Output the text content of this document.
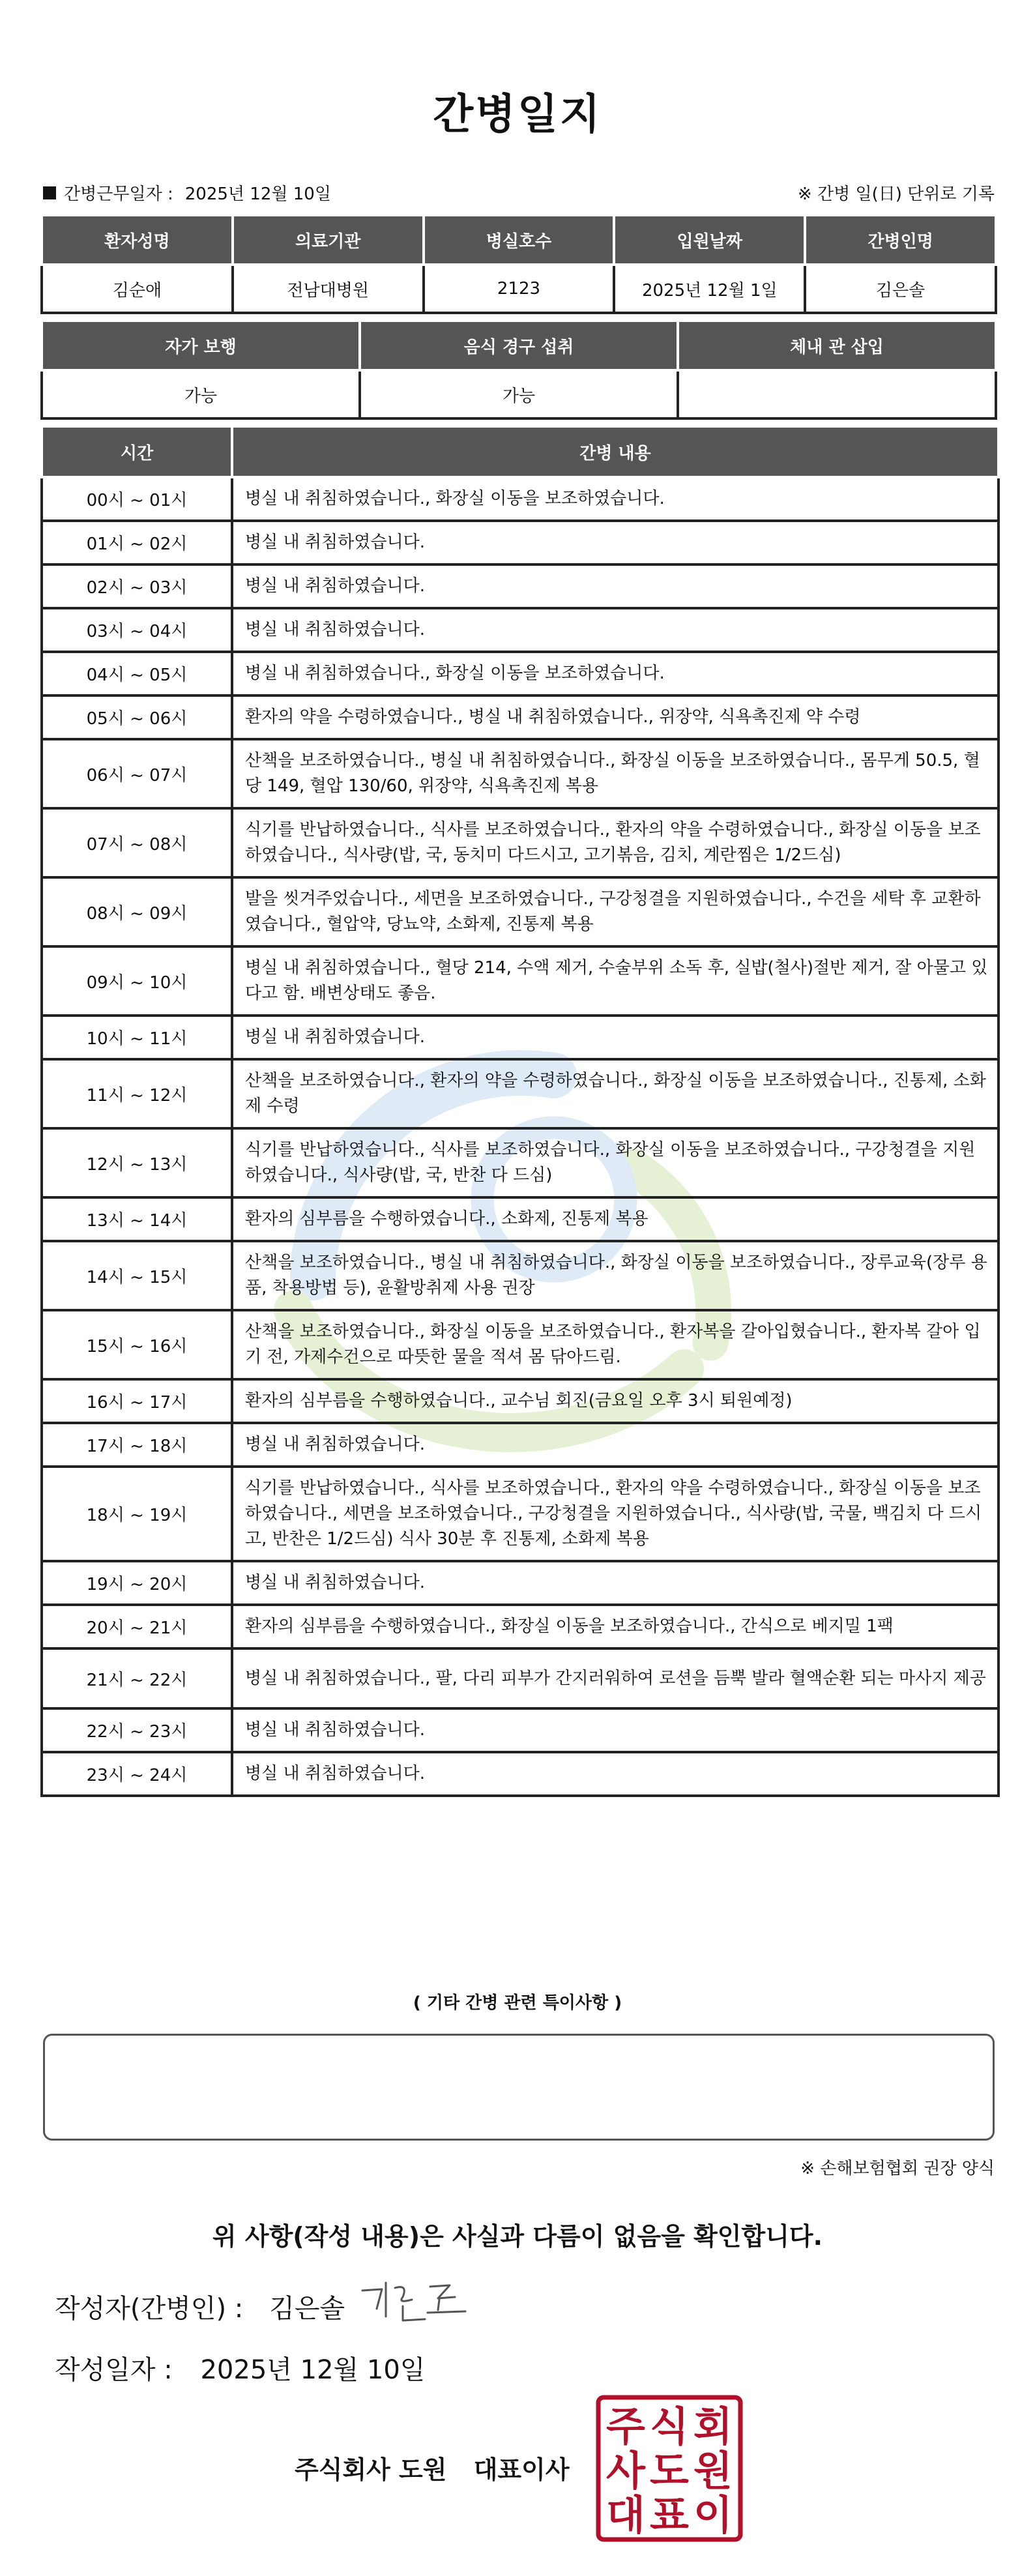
간병일지
간병근무일자 : 2025년 12월 10일	※ 간병 일(日) 단위로 기록
환자성명	의료기관	병실호수	입원날짜	간병인명
김순애	전남대병원	2123	2025년 12월 1일	김은솔
자가 보행	음식 경구 섭취	체내 관 삽입
가능	가능	
시간	간병 내용
00시 ~ 01시	병실 내 취침하였습니다., 화장실 이동을 보조하였습니다.
01시 ~ 02시	병실 내 취침하였습니다.
02시 ~ 03시	병실 내 취침하였습니다.
03시 ~ 04시	병실 내 취침하였습니다.
04시 ~ 05시	병실 내 취침하였습니다., 화장실 이동을 보조하였습니다.
05시 ~ 06시	환자의 약을 수령하였습니다., 병실 내 취침하였습니다., 위장약, 식욕촉진제 약 수령
06시 ~ 07시	산책을 보조하였습니다., 병실 내 취침하였습니다., 화장실 이동을 보조하였습니다., 몸무게 50.5, 혈당 149, 혈압 130/60, 위장약, 식욕촉진제 복용
07시 ~ 08시	식기를 반납하였습니다., 식사를 보조하였습니다., 환자의 약을 수령하였습니다., 화장실 이동을 보조하였습니다., 식사량(밥, 국, 동치미 다드시고, 고기볶음, 김치, 계란찜은 1/2드심)
08시 ~ 09시	발을 씻겨주었습니다., 세면을 보조하였습니다., 구강청결을 지원하였습니다., 수건을 세탁 후 교환하였습니다., 혈압약, 당뇨약, 소화제, 진통제 복용
09시 ~ 10시	병실 내 취침하였습니다., 혈당 214, 수액 제거, 수술부위 소독 후, 실밥(철사)절반 제거, 잘 아물고 있다고 함. 배변상태도 좋음.
10시 ~ 11시	병실 내 취침하였습니다.
11시 ~ 12시	산책을 보조하였습니다., 환자의 약을 수령하였습니다., 화장실 이동을 보조하였습니다., 진통제, 소화제 수령
12시 ~ 13시	식기를 반납하였습니다., 식사를 보조하였습니다., 화장실 이동을 보조하였습니다., 구강청결을 지원하였습니다., 식사량(밥, 국, 반찬 다 드심)
13시 ~ 14시	환자의 심부름을 수행하였습니다., 소화제, 진통제 복용
14시 ~ 15시	산책을 보조하였습니다., 병실 내 취침하였습니다., 화장실 이동을 보조하였습니다., 장루교육(장루 용품, 착용방법 등), 윤활방취제 사용 권장
15시 ~ 16시	산책을 보조하였습니다., 화장실 이동을 보조하였습니다., 환자복을 갈아입혔습니다., 환자복 갈아 입기 전, 가제수건으로 따뜻한 물을 적셔 몸 닦아드림.
16시 ~ 17시	환자의 심부름을 수행하였습니다., 교수님 회진(금요일 오후 3시 퇴원예정)
17시 ~ 18시	병실 내 취침하였습니다.
18시 ~ 19시	식기를 반납하였습니다., 식사를 보조하였습니다., 환자의 약을 수령하였습니다., 화장실 이동을 보조하였습니다., 세면을 보조하였습니다., 구강청결을 지원하였습니다., 식사량(밥, 국물, 백김치 다 드시고, 반찬은 1/2드심) 식사 30분 후 진통제, 소화제 복용
19시 ~ 20시	병실 내 취침하였습니다.
20시 ~ 21시	환자의 심부름을 수행하였습니다., 화장실 이동을 보조하였습니다., 간식으로 베지밀 1팩
21시 ~ 22시	병실 내 취침하였습니다., 팔, 다리 피부가 간지러워하여 로션을 듬뿍 발라 혈액순환 되는 마사지 제공
22시 ~ 23시	병실 내 취침하였습니다.
23시 ~ 24시	병실 내 취침하였습니다.
( 기타 간병 관련 특이사항 )
※ 손해보험협회 권장 양식
위 사항(작성 내용)은 사실과 다름이 없음을 확인합니다.
작성자(간병인) : 김은솔
작성일자 : 2025년 12월 10일
주식회사 도원 대표이사
주 식 회
사 도 원
대 표 이
